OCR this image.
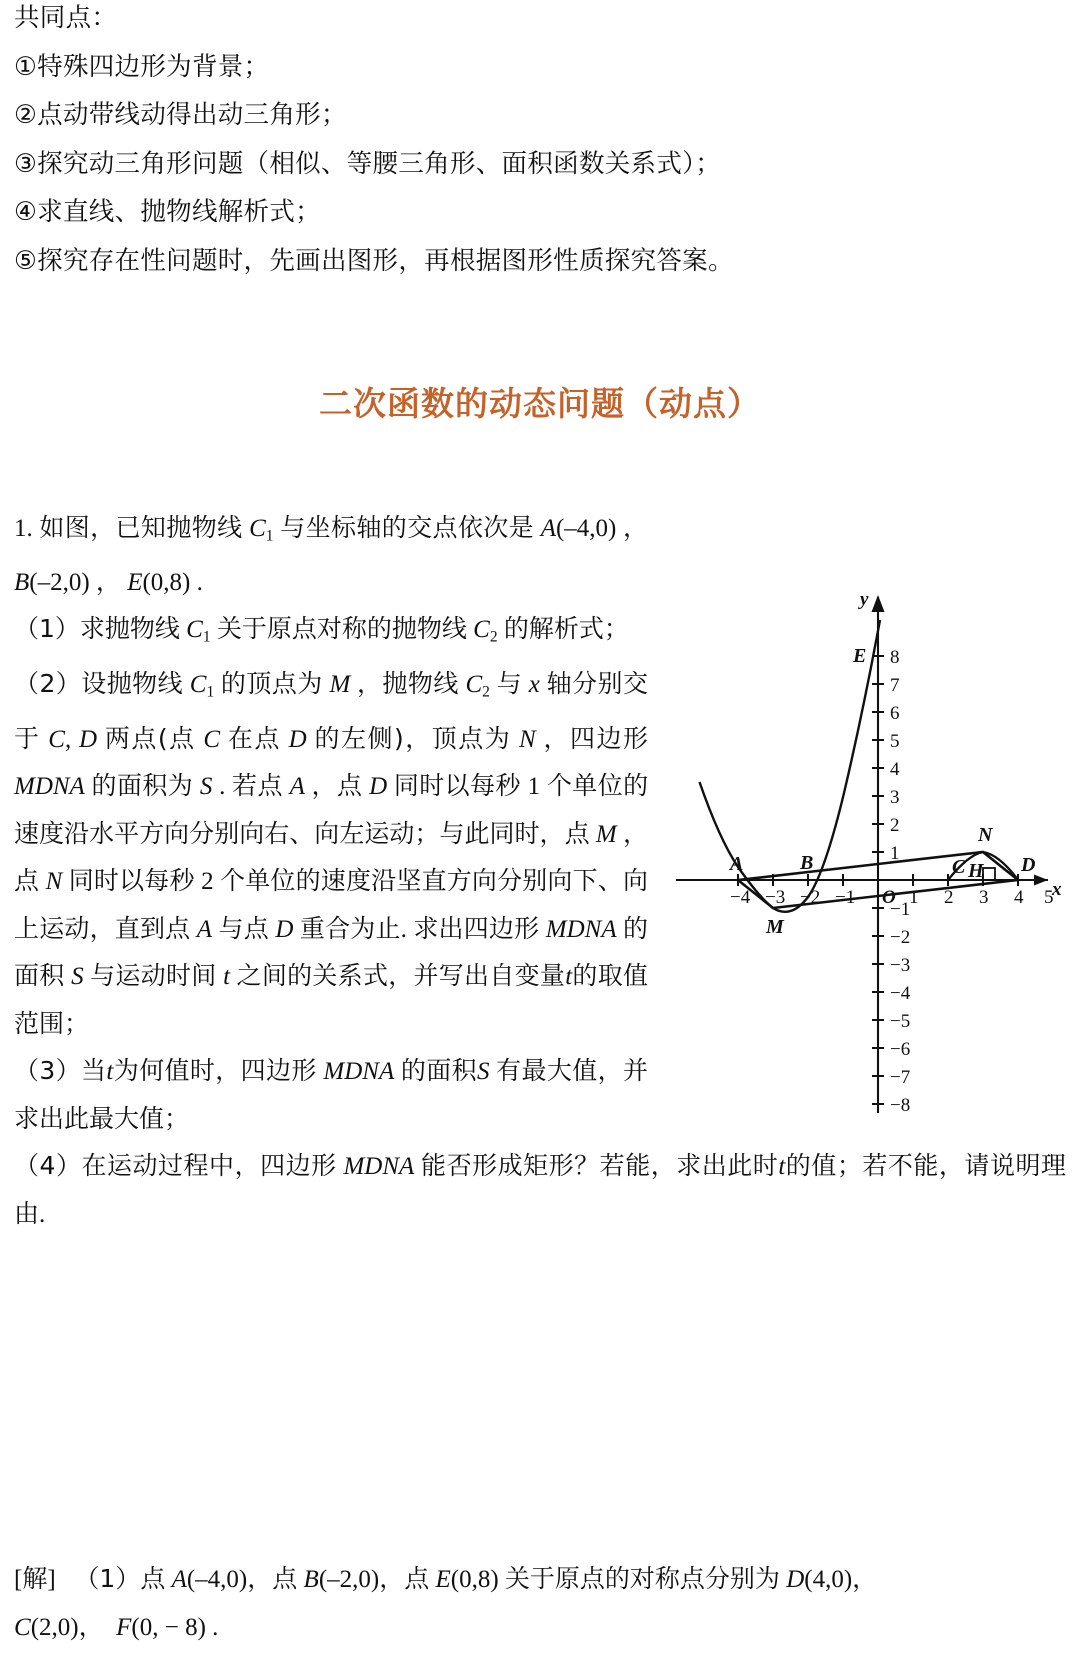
共同点：
①特殊四边形为背景；
②点动带线动得出动三角形；
③探究动三角形问题（相似、等腰三角形、面积函数关系式）；
④求直线、抛物线解析式；
⑤探究存在性问题时，先画出图形，再根据图形性质探究答案。
二次函数的动态问题（动点）
x
y
−4 −3 −2 −1 O 1 2 3 4 5
8
7
6
5
4
3
2
1
−1
−2
−3
−4
−5
−6
−7
−8
A	B
E
M
N
C H D

1. 如图，已知抛物线 $C_1$ 与坐标轴的交点依次是 A(–4,0) ， B(–2,0) ， E(0,8) .

（1）求抛物线 $C_1$ 关于原点对称的抛物线 $C_2$ 的解析式；

（2）设抛物线 $C_1$ 的顶点为 M ，抛物线 $C_2$ 与 x 轴分别交于 C, D 两点(点 C 在点 D 的左侧)，顶点为 N ，四边形 MDNA 的面积为 S . 若点 A ，点 D 同时以每秒 1 个单位的速度沿水平方向分别向右、向左运动；与此同时，点 M ，点 N 同时以每秒 2 个单位的速度沿坚直方向分别向下、向上运动，直到点 A 与点 D 重合为止. 求出四边形 MDNA 的面积 S 与运动时间 t 之间的关系式，并写出自变量t的取值范围；

（3）当t为何值时，四边形 MDNA 的面积S 有最大值，并求出此最大值；

（4）在运动过程中，四边形 MDNA 能否形成矩形？若能，求出此时t的值；若不能，请说明理由.

[解]   （1）点 A(–4,0)，点 B(–2,0)，点 E(0,8) 关于原点的对称点分别为 D(4,0)，
C(2,0)， F(0, − 8) .
